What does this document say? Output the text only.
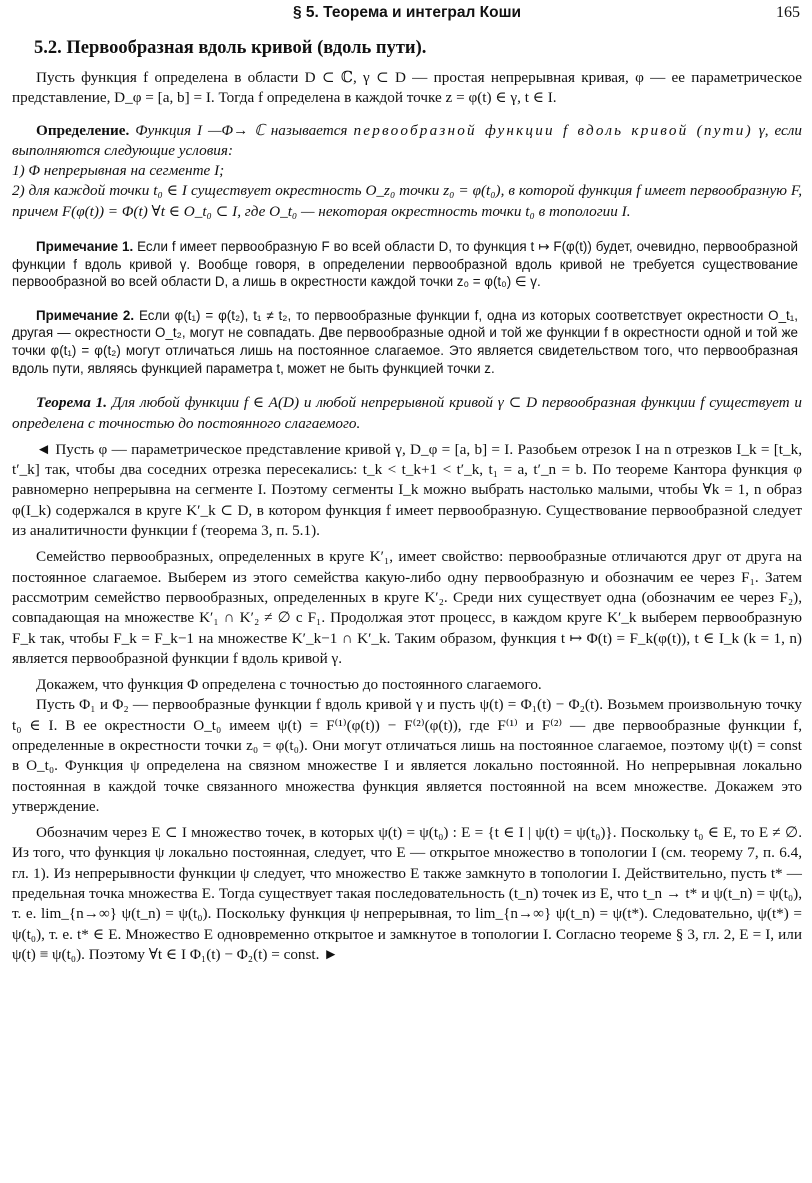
§ 5. Теорема и интеграл Коши	165
5.2. Первообразная вдоль кривой (вдоль пути).

Пусть функция f определена в области D ⊂ ℂ, γ ⊂ D — простая непрерывная кривая, φ — ее параметрическое представление, D_φ = [a, b] = I. Тогда f определена в каждой точке z = φ(t) ∈ γ, t ∈ I.

Определение. Функция I —Φ→ ℂ называется первообразной функции f вдоль кривой (пути) γ, если выполняются следующие условия:

1) Φ непрерывная на сегменте I;

2) для каждой точки t₀ ∈ I существует окрестность O_z₀ точки z₀ = φ(t₀), в которой функция f имеет первообразную F, причем F(φ(t)) = Φ(t) ∀t ∈ O_t₀ ⊂ I, где O_t₀ — некоторая окрестность точки t₀ в топологии I.

Примечание 1. Если f имеет первообразную F во всей области D, то функция t ↦ F(φ(t)) будет, очевидно, первообразной функции f вдоль кривой γ. Вообще говоря, в определении первообразной вдоль кривой не требуется существование первообразной во всей области D, а лишь в окрестности каждой точки z₀ = φ(t₀) ∈ γ.

Примечание 2. Если φ(t₁) = φ(t₂), t₁ ≠ t₂, то первообразные функции f, одна из которых соответствует окрестности O_t₁, другая — окрестности O_t₂, могут не совпадать. Две первообразные одной и той же функции f в окрестности одной и той же точки φ(t₁) = φ(t₂) могут отличаться лишь на постоянное слагаемое. Это является свидетельством того, что первообразная вдоль пути, являясь функцией параметра t, может не быть функцией точки z.

Теорема 1. Для любой функции f ∈ A(D) и любой непрерывной кривой γ ⊂ D первообразная функции f существует и определена с точностью до постоянного слагаемого.

◄ Пусть φ — параметрическое представление кривой γ, D_φ = [a, b] = I. Разобьем отрезок I на n отрезков I_k = [t_k, t′_k] так, чтобы два соседних отрезка пересекались: t_k < t_k+1 < t′_k, t₁ = a, t′_n = b. По теореме Кантора функция φ равномерно непрерывна на сегменте I. Поэтому сегменты I_k можно выбрать настолько малыми, чтобы ∀k = 1, n образ φ(I_k) содержался в круге K′_k ⊂ D, в котором функция f имеет первообразную. Существование первообразной следует из аналитичности функции f (теорема 3, п. 5.1).

Семейство первообразных, определенных в круге K′₁, имеет свойство: первообразные отличаются друг от друга на постоянное слагаемое. Выберем из этого семейства какую-либо одну первообразную и обозначим ее через F₁. Затем рассмотрим семейство первообразных, определенных в круге K′₂. Среди них существует одна (обозначим ее через F₂), совпадающая на множестве K′₁ ∩ K′₂ ≠ ∅ с F₁. Продолжая этот процесс, в каждом круге K′_k выберем первообразную F_k так, чтобы F_k = F_k−1 на множестве K′_k−1 ∩ K′_k. Таким образом, функция t ↦ Φ(t) = F_k(φ(t)), t ∈ I_k (k = 1, n) является первообразной функции f вдоль кривой γ.

Докажем, что функция Φ определена с точностью до постоянного слагаемого.

Пусть Φ₁ и Φ₂ — первообразные функции f вдоль кривой γ и пусть ψ(t) = Φ₁(t) − Φ₂(t). Возьмем произвольную точку t₀ ∈ I. В ее окрестности O_t₀ имеем ψ(t) = F⁽¹⁾(φ(t)) − F⁽²⁾(φ(t)), где F⁽¹⁾ и F⁽²⁾ — две первообразные функции f, определенные в окрестности точки z₀ = φ(t₀). Они могут отличаться лишь на постоянное слагаемое, поэтому ψ(t) = const в O_t₀. Функция ψ определена на связном множестве I и является локально постоянной. Но непрерывная локально постоянная в каждой точке связанного множества функция является постоянной на всем множестве. Докажем это утверждение.

Обозначим через E ⊂ I множество точек, в которых ψ(t) = ψ(t₀) : E = {t ∈ I | ψ(t) = ψ(t₀)}. Поскольку t₀ ∈ E, то E ≠ ∅. Из того, что функция ψ локально постоянная, следует, что E — открытое множество в топологии I (см. теорему 7, п. 6.4, гл. 1). Из непрерывности функции ψ следует, что множество E также замкнуто в топологии I. Действительно, пусть t* — предельная точка множества E. Тогда существует такая последовательность (t_n) точек из E, что t_n → t* и ψ(t_n) = ψ(t₀), т. е. lim_{n→∞} ψ(t_n) = ψ(t₀). Поскольку функция ψ непрерывная, то lim_{n→∞} ψ(t_n) = ψ(t*). Следовательно, ψ(t*) = ψ(t₀), т. е. t* ∈ E. Множество E одновременно открытое и замкнутое в топологии I. Согласно теореме § 3, гл. 2, E = I, или ψ(t) ≡ ψ(t₀). Поэтому ∀t ∈ I Φ₁(t) − Φ₂(t) = const. ►
